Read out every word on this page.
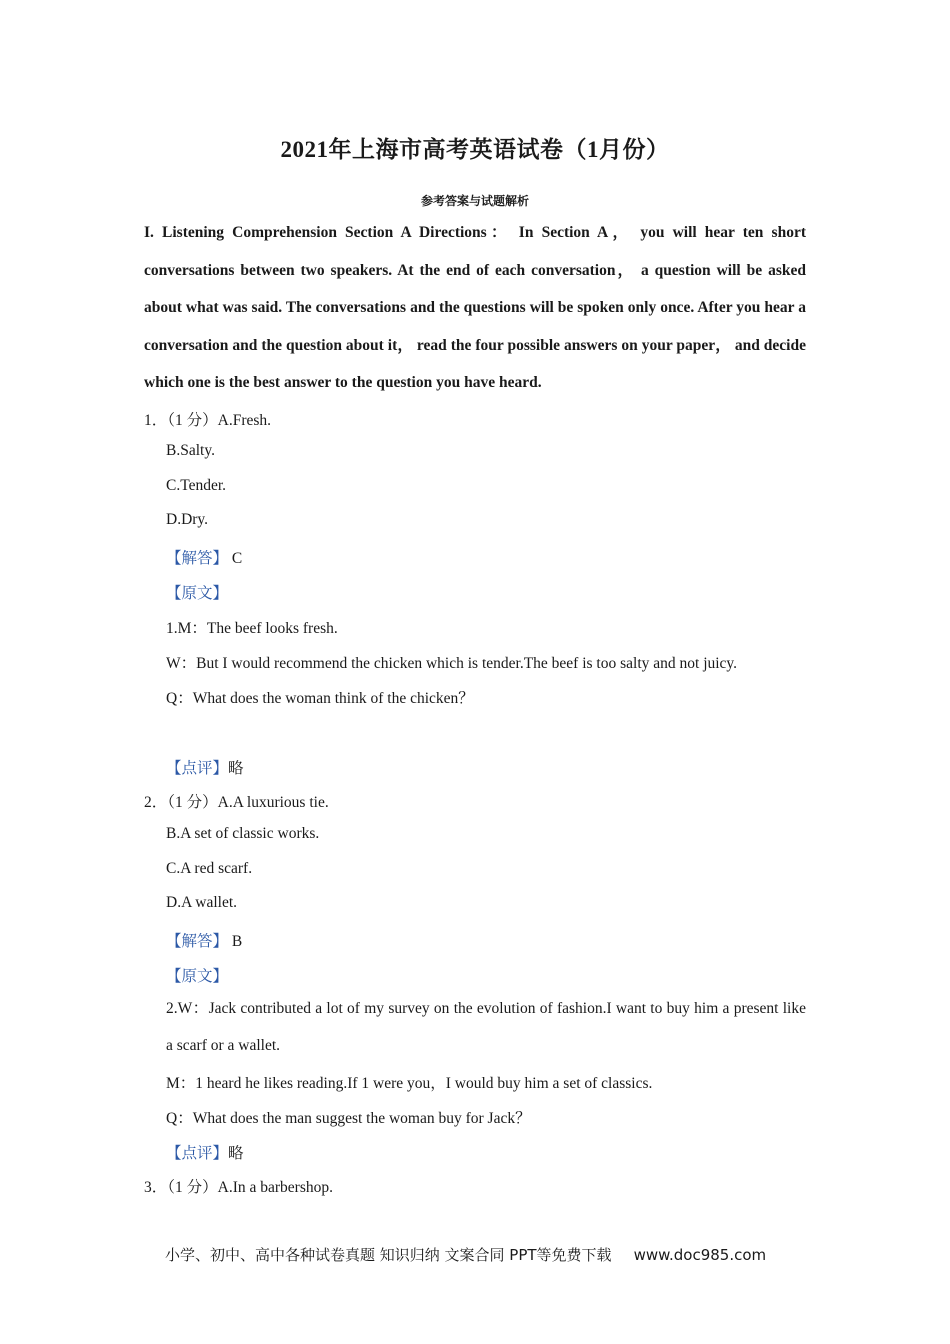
2021年上海市高考英语试卷（1月份）
参考答案与试题解析

I. Listening Comprehension Section A Directions： In Section A， you will hear ten short conversations between two speakers. At the end of each conversation， a question will be asked about what was said. The conversations and the questions will be spoken only once. After you hear a conversation and the question about it， read the four possible answers on your paper， and decide which one is the best answer to the question you have heard.

1．（1 分）A.Fresh.
B.Salty.
C.Tender.
D.Dry.
【解答】 C
【原文】
1.M：The beef looks fresh.
W：But I would recommend the chicken which is tender.The beef is too salty and not juicy.
Q：What does the woman think of the chicken？
【点评】略
2．（1 分）A.A luxurious tie.
B.A set of classic works.
C.A red scarf.
D.A wallet.
【解答】 B
【原文】

2.W：Jack contributed a lot of my survey on the evolution of fashion.I want to buy him a present like a scarf or a wallet.

M：1 heard he likes reading.If 1 were you，I would buy him a set of classics.
Q：What does the man suggest the woman buy for Jack？
【点评】略
3．（1 分）A.In a barbershop.
小学、初中、高中各种试卷真题 知识归纳 文案合同 PPT等免费下载 www.doc985.com
